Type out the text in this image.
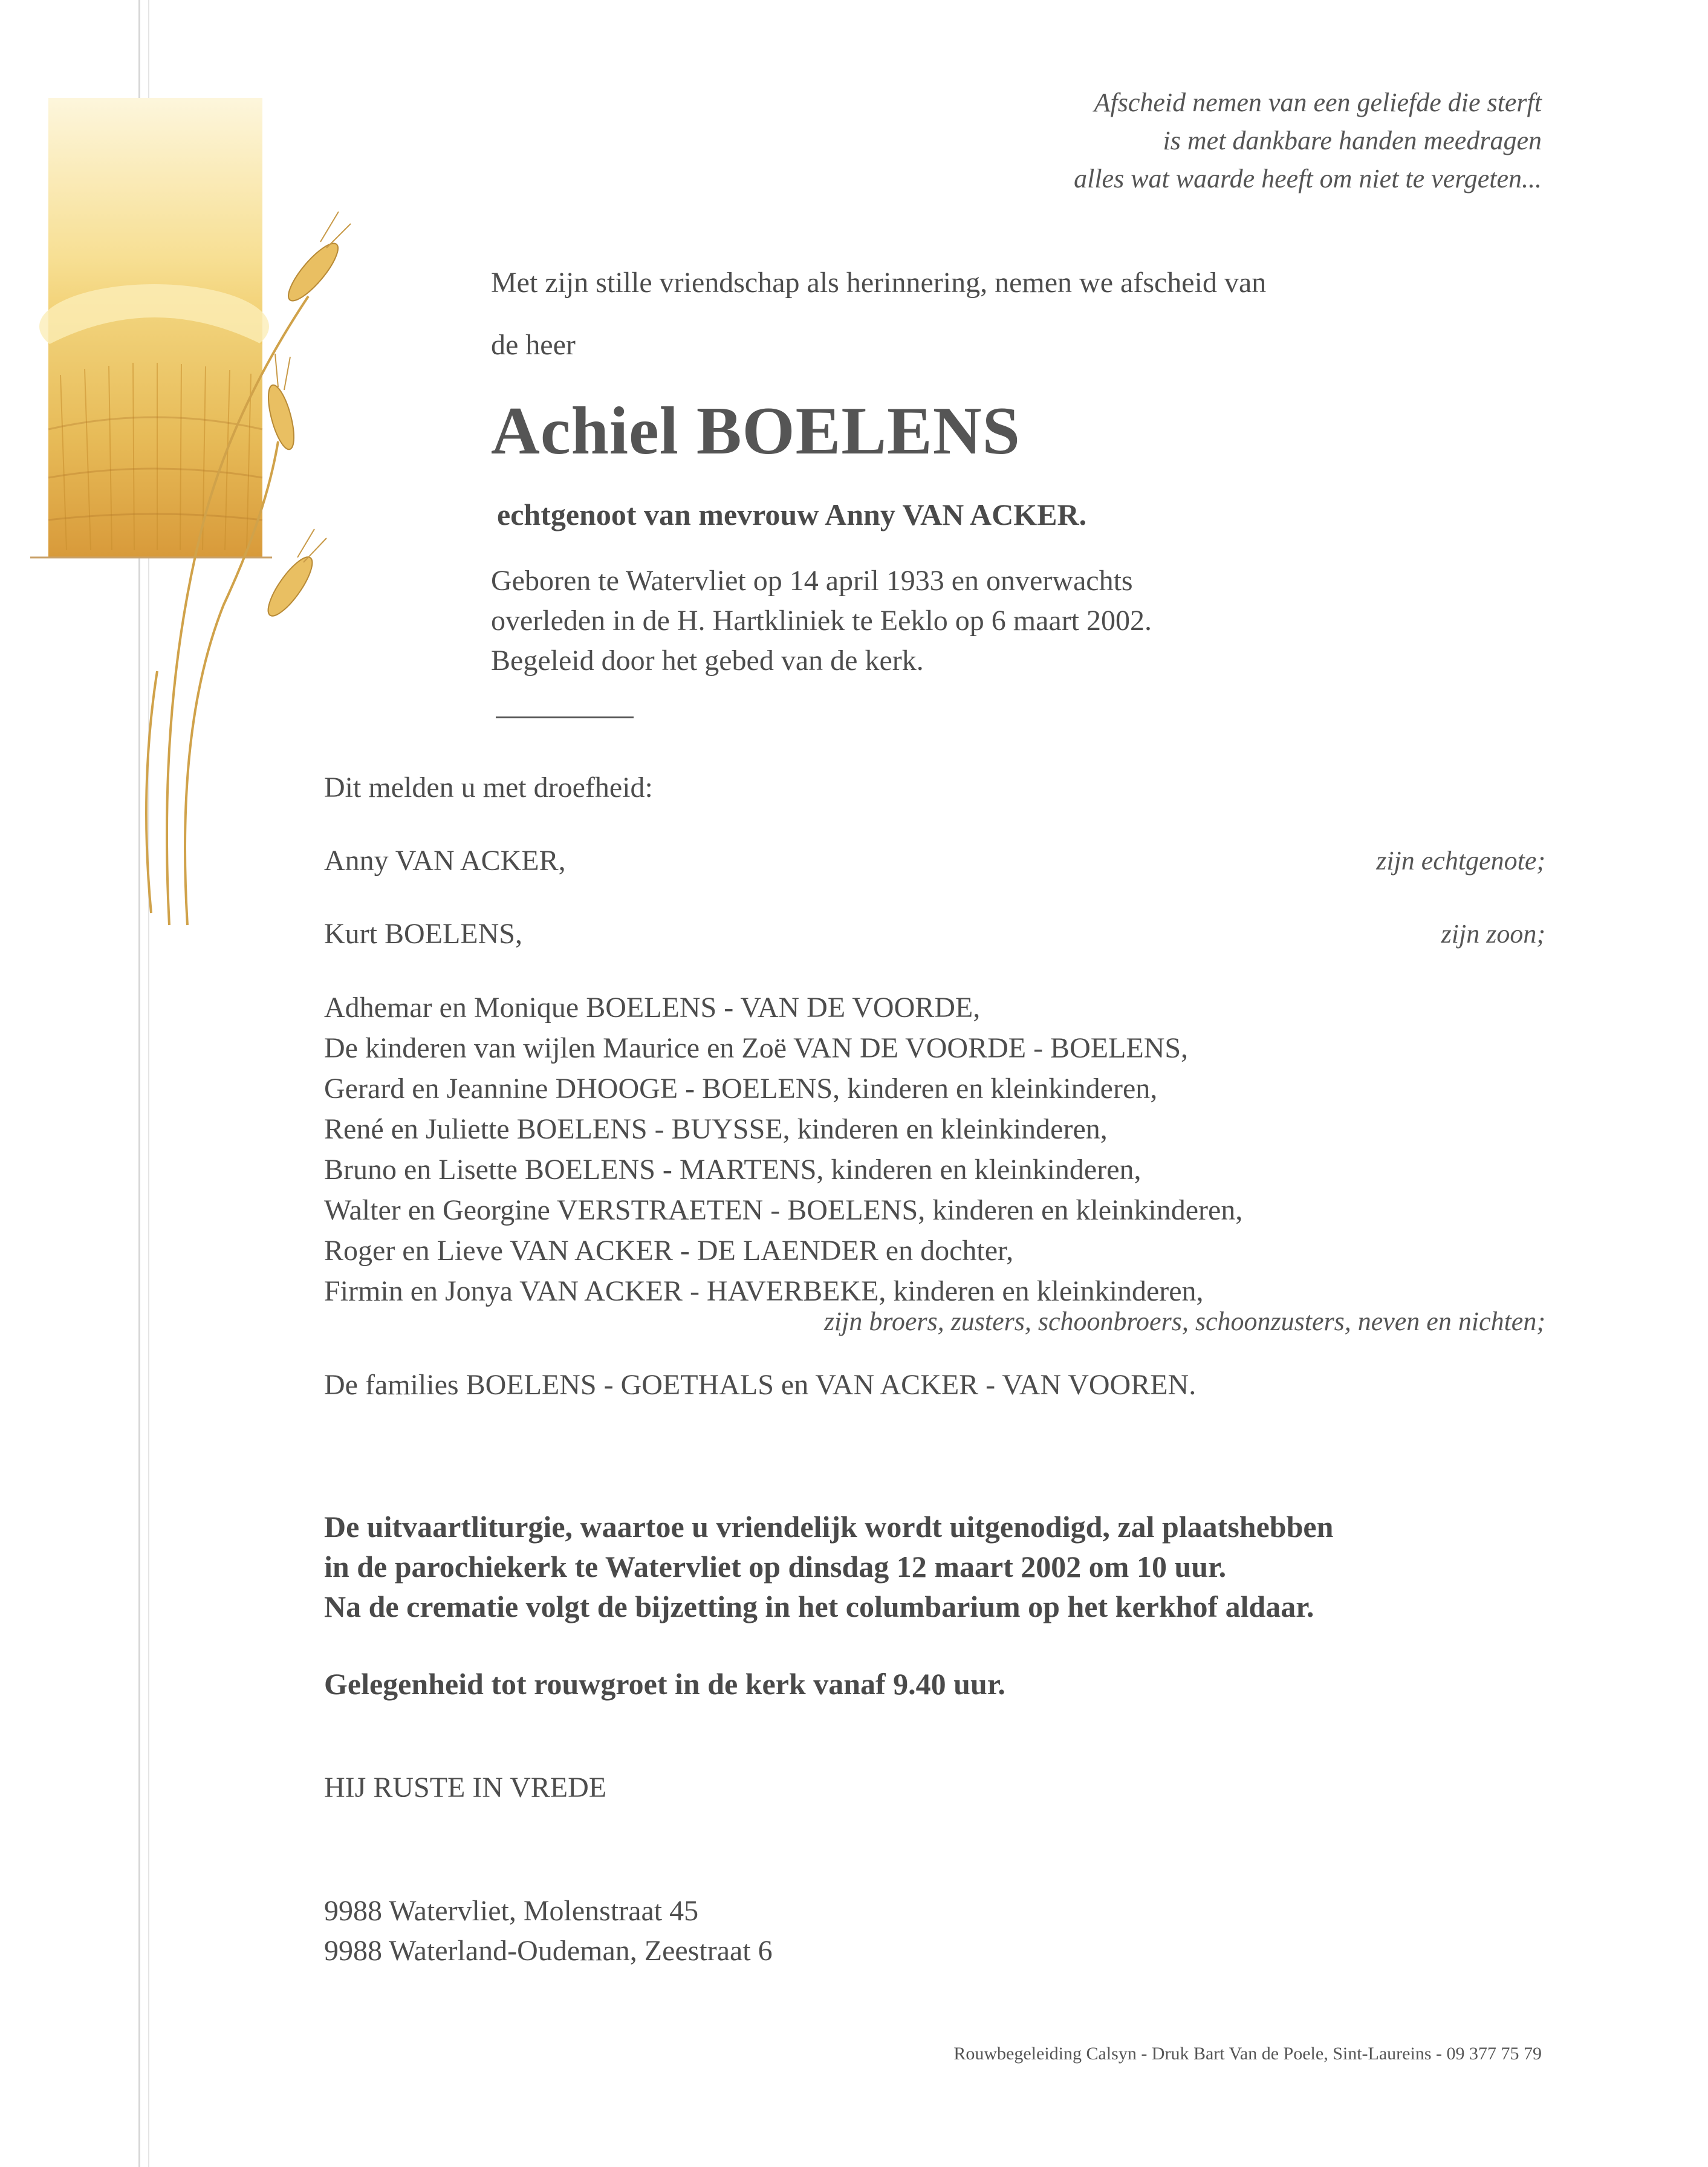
Afscheid nemen van een geliefde die sterft
is met dankbare handen meedragen
alles wat waarde heeft om niet te vergeten...
Met zijn stille vriendschap als herinnering, nemen we afscheid van
de heer
Achiel BOELENS
echtgenoot van mevrouw Anny VAN ACKER.
Geboren te Watervliet op 14 april 1933 en onverwachts
overleden in de H. Hartkliniek te Eeklo op 6 maart 2002.
Begeleid door het gebed van de kerk.
Dit melden u met droefheid:
Anny VAN ACKER,	zijn echtgenote;
Kurt BOELENS,	zijn zoon;
Adhemar en Monique BOELENS - VAN DE VOORDE,
De kinderen van wijlen Maurice en Zoë VAN DE VOORDE - BOELENS,
Gerard en Jeannine DHOOGE - BOELENS, kinderen en kleinkinderen,
René en Juliette BOELENS - BUYSSE, kinderen en kleinkinderen,
Bruno en Lisette BOELENS - MARTENS, kinderen en kleinkinderen,
Walter en Georgine VERSTRAETEN - BOELENS, kinderen en kleinkinderen,
Roger en Lieve VAN ACKER - DE LAENDER en dochter,
Firmin en Jonya VAN ACKER - HAVERBEKE, kinderen en kleinkinderen,
zijn broers, zusters, schoonbroers, schoonzusters, neven en nichten;
De families BOELENS - GOETHALS en VAN ACKER - VAN VOOREN.
De uitvaartliturgie, waartoe u vriendelijk wordt uitgenodigd, zal plaatshebben
in de parochiekerk te Watervliet op dinsdag 12 maart 2002 om 10 uur.
Na de crematie volgt de bijzetting in het columbarium op het kerkhof aldaar.
Gelegenheid tot rouwgroet in de kerk vanaf 9.40 uur.
HIJ RUSTE IN VREDE
9988 Watervliet, Molenstraat 45
9988 Waterland-Oudeman, Zeestraat 6
Rouwbegeleiding Calsyn - Druk Bart Van de Poele, Sint-Laureins - 09 377 75 79
